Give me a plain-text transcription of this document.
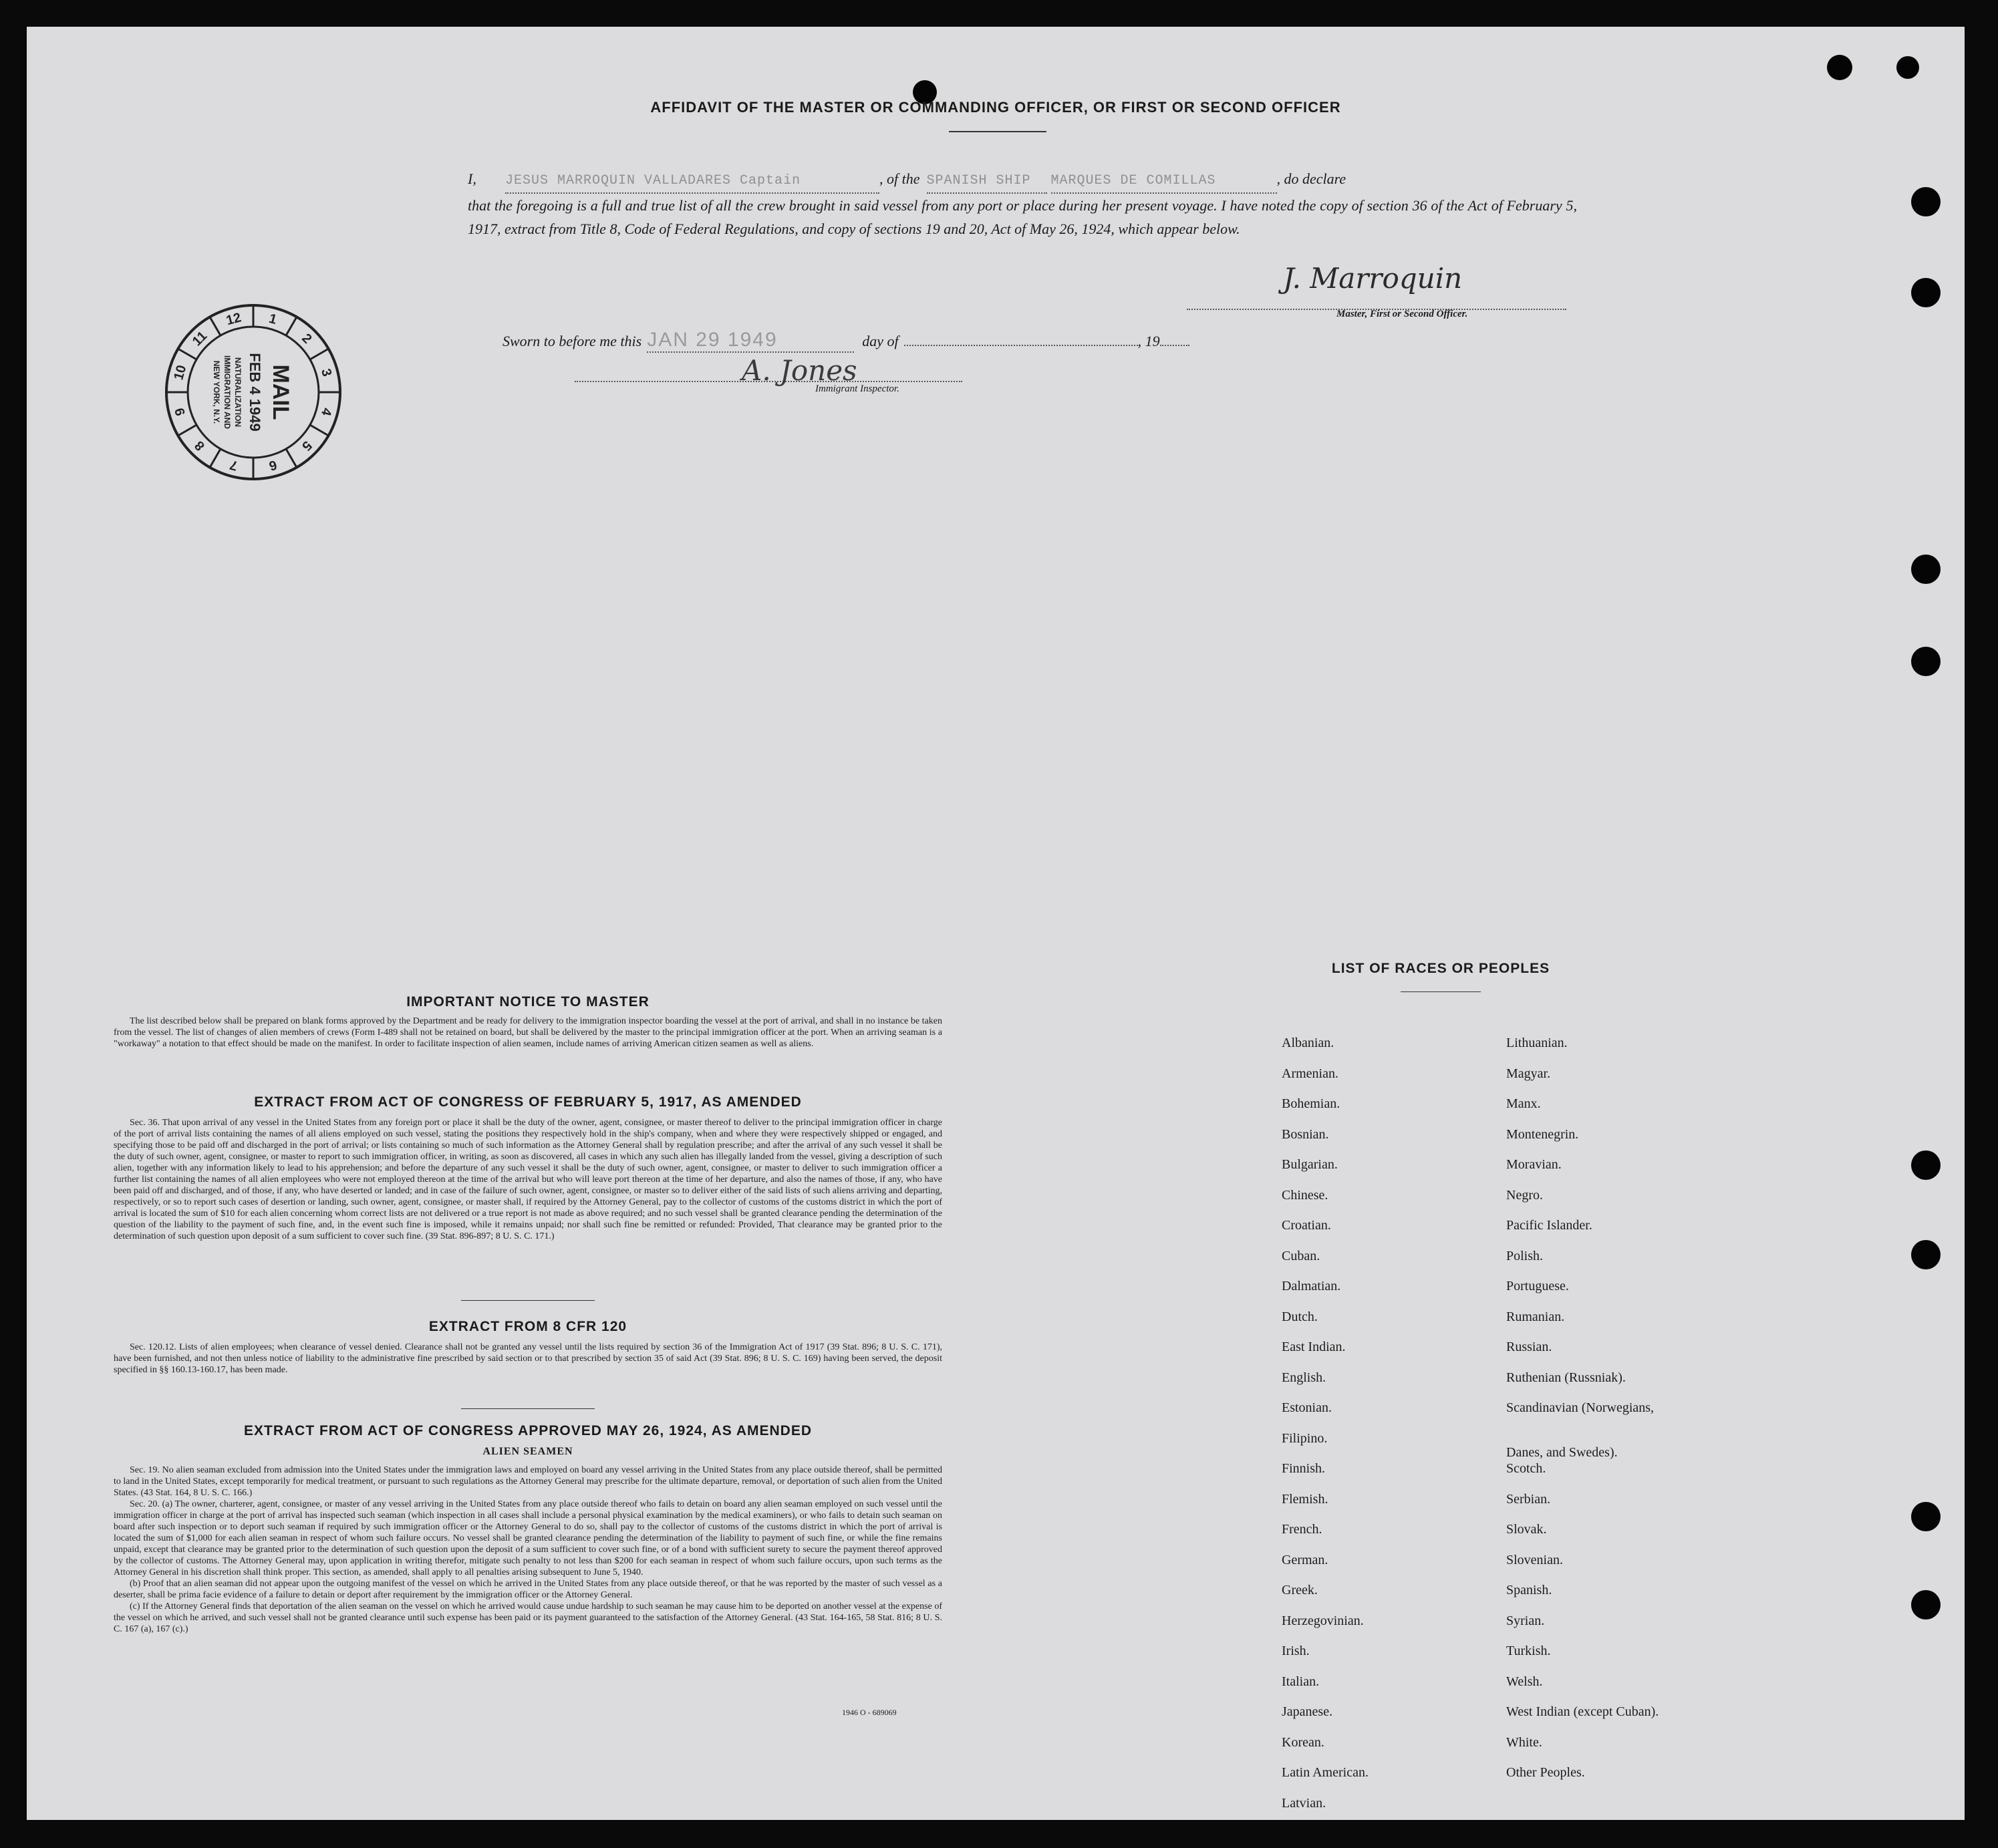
AFFIDAVIT OF THE MASTER OR COMMANDING OFFICER, OR FIRST OR SECOND OFFICER
I,	JESUS MARROQUIN VALLADARES Captain	, of the SPANISH SHIP	MARQUES DE COMILLAS	, do declare
that the foregoing is a full and true list of all the crew brought in said vessel from any port or place during her present voyage. I have noted the copy of section 36 of the Act of February 5, 1917, extract from Title 8, Code of Federal Regulations, and copy of sections 19 and 20, Act of May 26, 1924, which appear below.
J. Marroquin
Master, First or Second Officer.
Sworn to before me this JAN 29 1949	day of	, 19
A. Jones
Immigrant Inspector.
1
2
3
4
5
6
7
8
9
10
11
12
MAIL
FEB 4 1949
NATURALIZATION
IMMIGRATION AND
NEW YORK, N.Y.
IMPORTANT NOTICE TO MASTER

The list described below shall be prepared on blank forms approved by the Department and be ready for delivery to the immigration inspector boarding the vessel at the port of arrival, and shall in no instance be taken from the vessel. The list of changes of alien members of crews (Form I-489 shall not be retained on board, but shall be delivered by the master to the principal immigration officer at the port. When an arriving seaman is a "workaway" a notation to that effect should be made on the manifest. In order to facilitate inspection of alien seamen, include names of arriving American citizen seamen as well as aliens.

EXTRACT FROM ACT OF CONGRESS OF FEBRUARY 5, 1917, AS AMENDED

Sec. 36. That upon arrival of any vessel in the United States from any foreign port or place it shall be the duty of the owner, agent, consignee, or master thereof to deliver to the principal immigration officer in charge of the port of arrival lists containing the names of all aliens employed on such vessel, stating the positions they respectively hold in the ship's company, when and where they were respectively shipped or engaged, and specifying those to be paid off and discharged in the port of arrival; or lists containing so much of such information as the Attorney General shall by regulation prescribe; and after the arrival of any such vessel it shall be the duty of such owner, agent, consignee, or master to report to such immigration officer, in writing, as soon as discovered, all cases in which any such alien has illegally landed from the vessel, giving a description of such alien, together with any information likely to lead to his apprehension; and before the departure of any such vessel it shall be the duty of such owner, agent, consignee, or master to deliver to such immigration officer a further list containing the names of all alien employees who were not employed thereon at the time of the arrival but who will leave port thereon at the time of her departure, and also the names of those, if any, who have been paid off and discharged, and of those, if any, who have deserted or landed; and in case of the failure of such owner, agent, consignee, or master so to deliver either of the said lists of such aliens arriving and departing, respectively, or so to report such cases of desertion or landing, such owner, agent, consignee, or master shall, if required by the Attorney General, pay to the collector of customs of the customs district in which the port of arrival is located the sum of $10 for each alien concerning whom correct lists are not delivered or a true report is not made as above required; and no such vessel shall be granted clearance pending the determination of the question of the liability to the payment of such fine, and, in the event such fine is imposed, while it remains unpaid; nor shall such fine be remitted or refunded: Provided, That clearance may be granted prior to the determination of such question upon deposit of a sum sufficient to cover such fine. (39 Stat. 896-897; 8 U. S. C. 171.)

EXTRACT FROM 8 CFR 120

Sec. 120.12. Lists of alien employees; when clearance of vessel denied. Clearance shall not be granted any vessel until the lists required by section 36 of the Immigration Act of 1917 (39 Stat. 896; 8 U. S. C. 171), have been furnished, and not then unless notice of liability to the administrative fine prescribed by said section or to that prescribed by section 35 of said Act (39 Stat. 896; 8 U. S. C. 169) having been served, the deposit specified in §§ 160.13-160.17, has been made.

EXTRACT FROM ACT OF CONGRESS APPROVED MAY 26, 1924, AS AMENDED
ALIEN SEAMEN

Sec. 19. No alien seaman excluded from admission into the United States under the immigration laws and employed on board any vessel arriving in the United States from any place outside thereof, shall be permitted to land in the United States, except temporarily for medical treatment, or pursuant to such regulations as the Attorney General may prescribe for the ultimate departure, removal, or deportation of such alien from the United States. (43 Stat. 164, 8 U. S. C. 166.)

Sec. 20. (a) The owner, charterer, agent, consignee, or master of any vessel arriving in the United States from any place outside thereof who fails to detain on board any alien seaman employed on such vessel until the immigration officer in charge at the port of arrival has inspected such seaman (which inspection in all cases shall include a personal physical examination by the medical examiners), or who fails to detain such seaman on board after such inspection or to deport such seaman if required by such immigration officer or the Attorney General to do so, shall pay to the collector of customs of the customs district in which the port of arrival is located the sum of $1,000 for each alien seaman in respect of whom such failure occurs. No vessel shall be granted clearance pending the determination of the liability to payment of such fine, or while the fine remains unpaid, except that clearance may be granted prior to the determination of such question upon the deposit of a sum sufficient to cover such fine, or of a bond with sufficient surety to secure the payment thereof approved by the collector of customs. The Attorney General may, upon application in writing therefor, mitigate such penalty to not less than $200 for each seaman in respect of whom such failure occurs, upon such terms as the Attorney General in his discretion shall think proper. This section, as amended, shall apply to all penalties arising subsequent to June 5, 1940.

(b) Proof that an alien seaman did not appear upon the outgoing manifest of the vessel on which he arrived in the United States from any place outside thereof, or that he was reported by the master of such vessel as a deserter, shall be prima facie evidence of a failure to detain or deport after requirement by the immigration officer or the Attorney General.

(c) If the Attorney General finds that deportation of the alien seaman on the vessel on which he arrived would cause undue hardship to such seaman he may cause him to be deported on another vessel at the expense of the vessel on which he arrived, and such vessel shall not be granted clearance until such expense has been paid or its payment guaranteed to the satisfaction of the Attorney General. (43 Stat. 164-165, 58 Stat. 816; 8 U. S. C. 167 (a), 167 (c).)

1946 O - 689069
LIST OF RACES OR PEOPLES
Albanian.
Armenian.
Bohemian.
Bosnian.
Bulgarian.
Chinese.
Croatian.
Cuban.
Dalmatian.
Dutch.
East Indian.
English.
Estonian.
Filipino.
Finnish.
Flemish.
French.
German.
Greek.
Herzegovinian.
Irish.
Italian.
Japanese.
Korean.
Latin American.
Latvian.
Lithuanian.
Magyar.
Manx.
Montenegrin.
Moravian.
Negro.
Pacific Islander.
Polish.
Portuguese.
Rumanian.
Russian.
Ruthenian (Russniak).
Scandinavian (Norwegians,
Danes, and Swedes).
Scotch.
Serbian.
Slovak.
Slovenian.
Spanish.
Syrian.
Turkish.
Welsh.
West Indian (except Cuban).
White.
Other Peoples.
